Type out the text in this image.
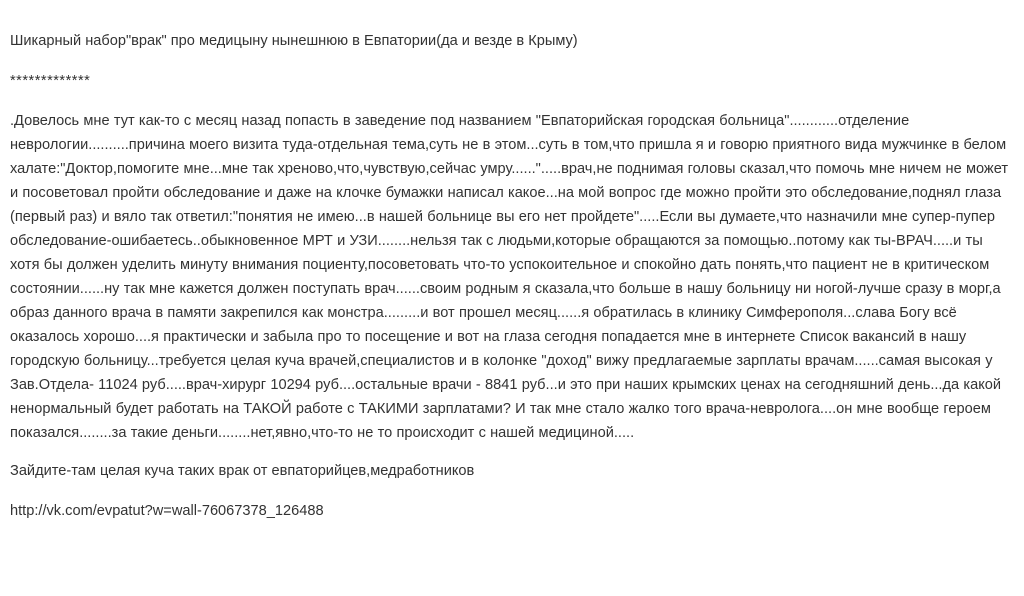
Шикарный набор"врак" про медицыну нынешнюю в Евпатории(да и везде в Крыму)

*************

.Довелось мне тут как-то с месяц назад попасть в заведение под названием "Евпаторийская городская больница"............отделение неврологии..........причина моего визита туда-отдельная тема,суть не в этом...суть в том,что пришла я и говорю приятного вида мужчинке в белом халате:"Доктор,помогите мне...мне так хреново,что,чувствую,сейчас умру......".....врач,не поднимая головы сказал,что помочь мне ничем не может и посоветовал пройти обследование и даже на клочке бумажки написал какое...на мой вопрос где можно пройти это обследование,поднял глаза (первый раз) и вяло так ответил:"понятия не имею...в нашей больнице вы его нет пройдете".....Если вы думаете,что назначили мне супер-пупер обследование-ошибаетесь..обыкновенное МРТ и УЗИ........нельзя так с людьми,которые обращаются за помощью..потому как ты-ВРАЧ.....и ты хотя бы должен уделить минуту внимания поциенту,посоветовать что-то успокоительное и спокойно дать понять,что пациент не в критическом состоянии......ну так мне кажется должен поступать врач......своим родным я сказала,что больше в нашу больницу ни ногой-лучше сразу в морг,а образ данного врача в памяти закрепился как монстра.........и вот прошел месяц......я обратилась в клинику Симферополя...слава Богу всё оказалось хорошо....я практически и забыла про то посещение и вот на глаза сегодня попадается мне в интернете Список вакансий в нашу городскую больницу...требуется целая куча врачей,специалистов и в колонке "доход" вижу предлагаемые зарплаты врачам......самая высокая у Зав.Отдела- 11024 руб.....врач-хирург 10294 руб....остальные врачи - 8841 руб...и это при наших крымских ценах на сегодняшний день...да какой ненормальный будет работать на ТАКОЙ работе с ТАКИМИ зарплатами? И так мне стало жалко того врача-невролога....он мне вообще героем показался........за такие деньги........нет,явно,что-то не то происходит с нашей медициной.....

Зайдите-там целая куча таких врак от евпаторийцев,медработников

http://vk.com/evpatut?w=wall-76067378_126488
